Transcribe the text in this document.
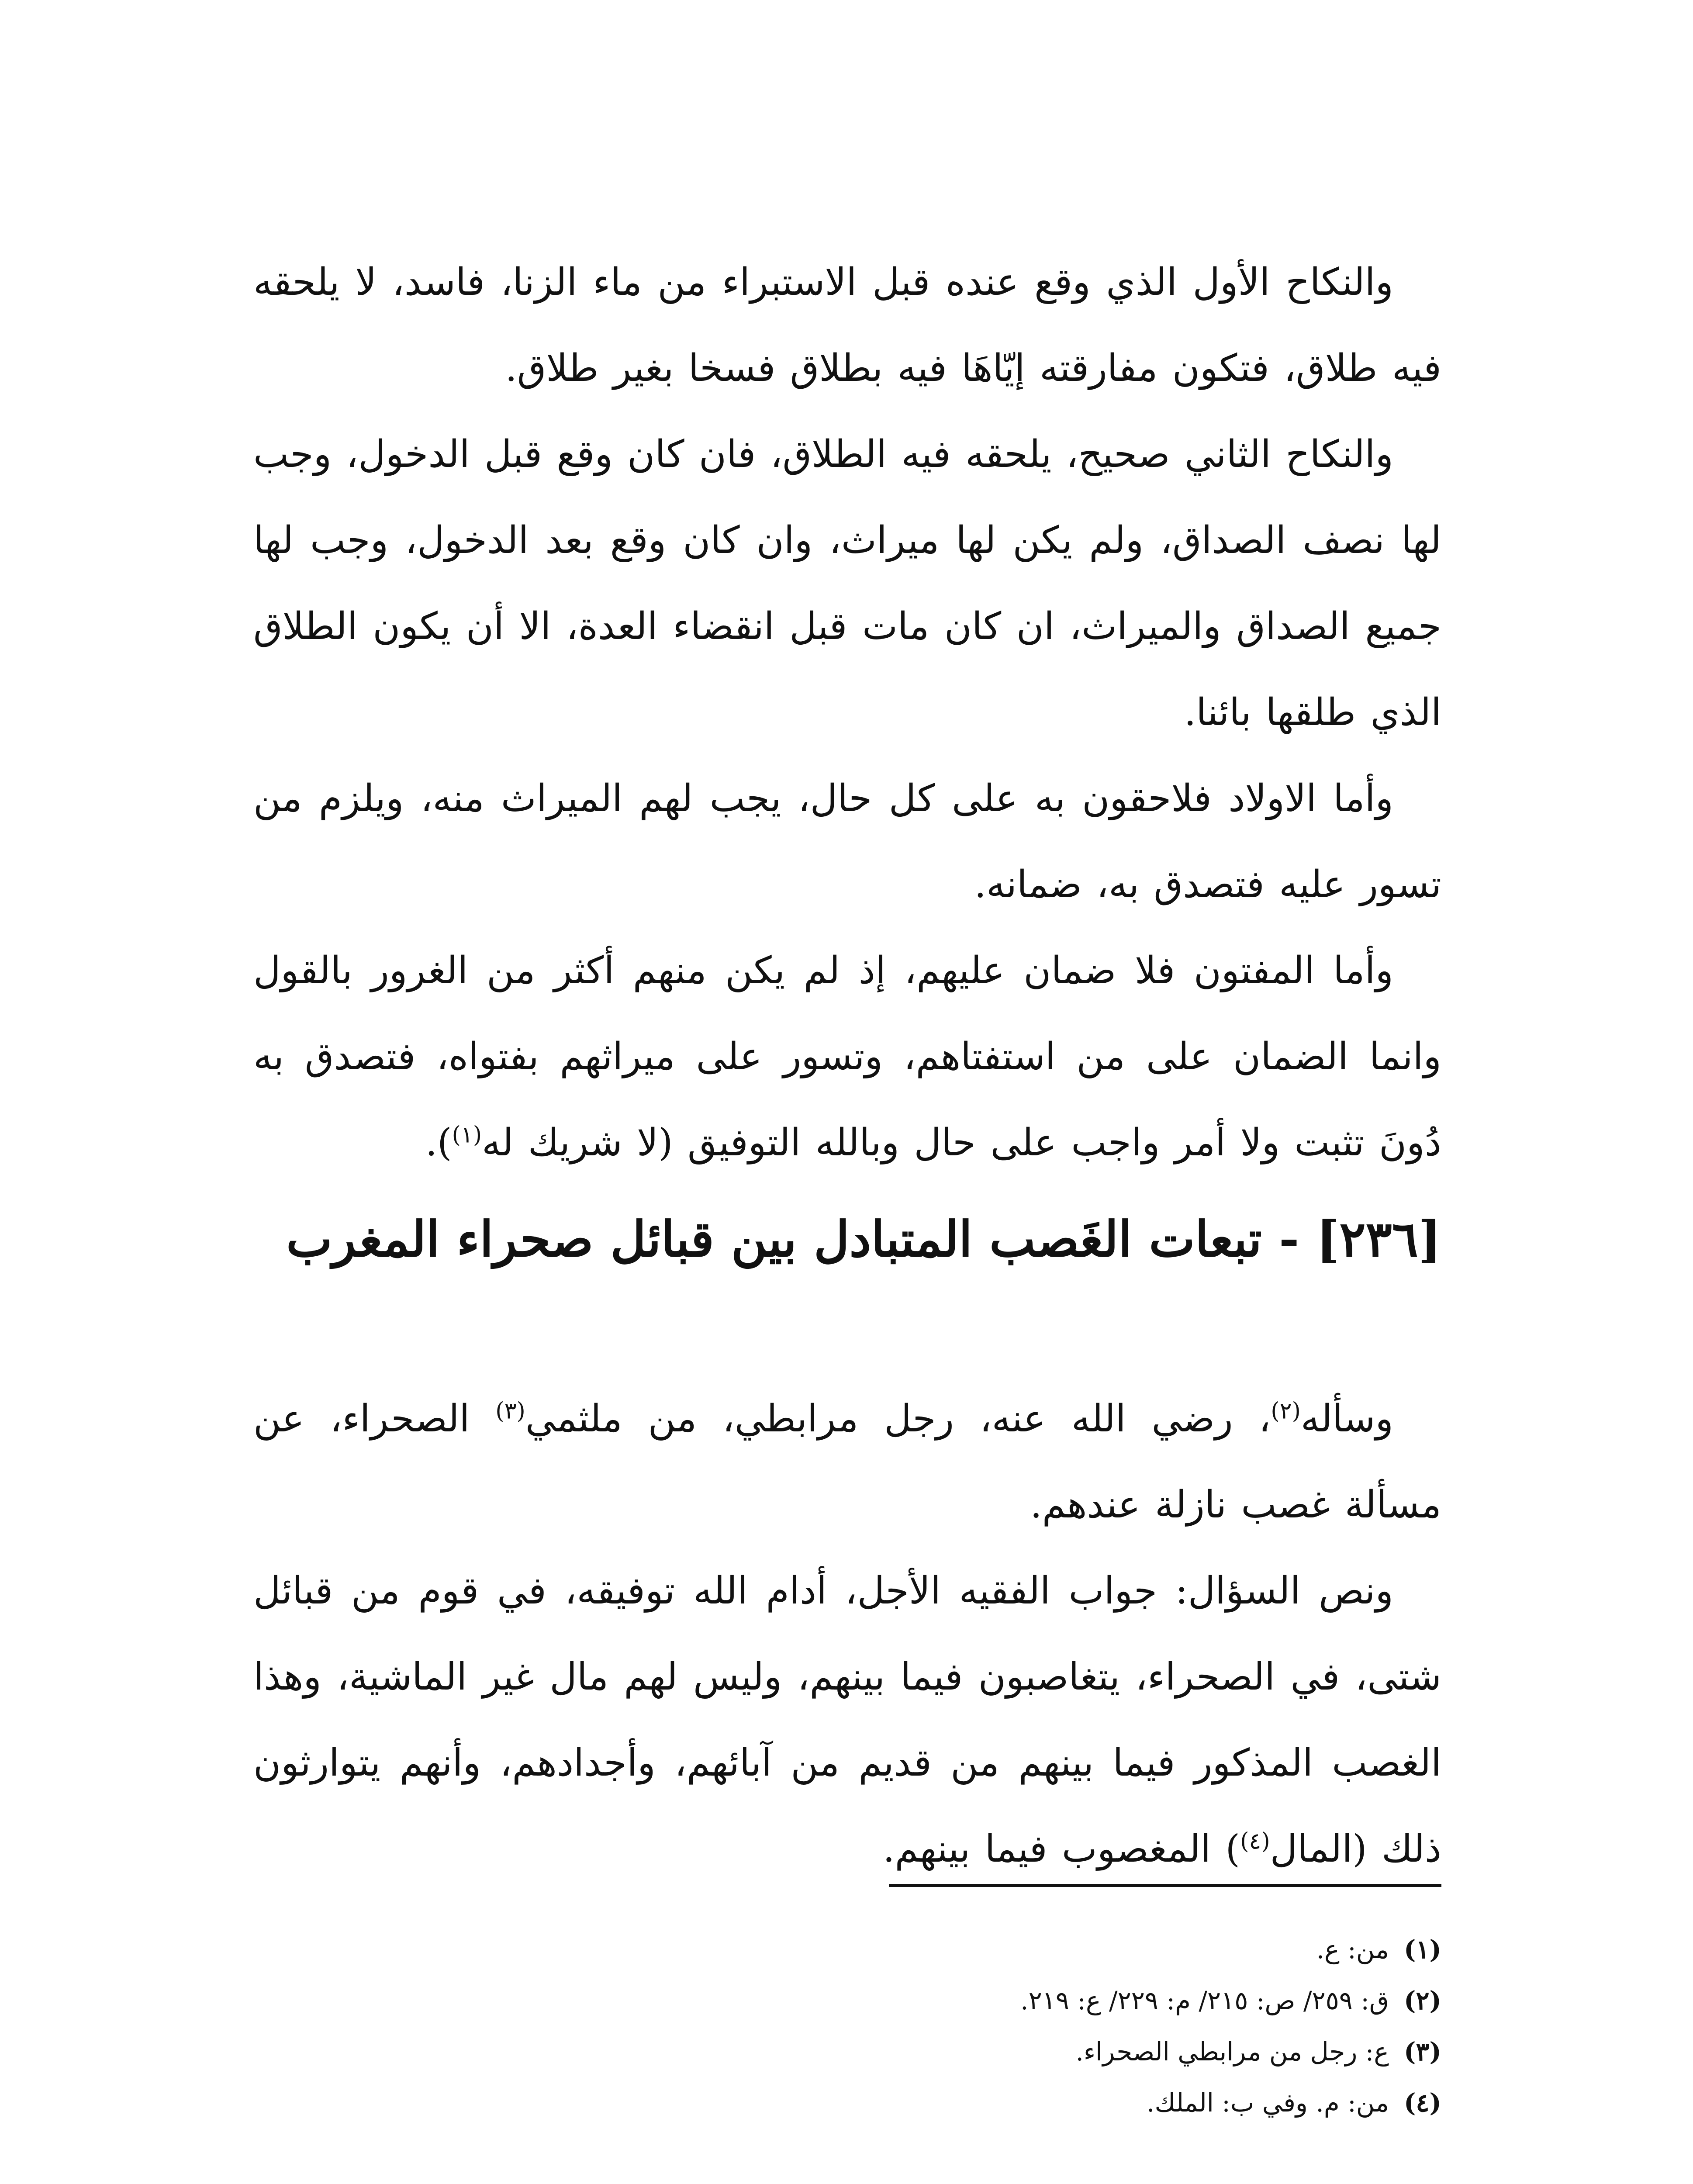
والنكاح الأول الذي وقع عنده قبل الاستبراء من ماء الزنا، فاسد، لا يلحقه فيه طلاق، فتكون مفارقته إيّاهَا فيه بطلاق فسخا بغير طلاق.

والنكاح الثاني صحيح، يلحقه فيه الطلاق، فان كان وقع قبل الدخول، وجب لها نصف الصداق، ولم يكن لها ميراث، وان كان وقع بعد الدخول، وجب لها جميع الصداق والميراث، ان كان مات قبل انقضاء العدة، الا أن يكون الطلاق الذي طلقها بائنا.

وأما الاولاد فلاحقون به على كل حال، يجب لهم الميراث منه، ويلزم من تسور عليه فتصدق به، ضمانه.

وأما المفتون فلا ضمان عليهم، إذ لم يكن منهم أكثر من الغرور بالقول وانما الضمان على من استفتاهم، وتسور على ميراثهم بفتواه، فتصدق به دُونَ تثبت ولا أمر واجب على حال وبالله التوفيق (لا شريك له$^{(١)}$).

[٢٣٦] - تبعات الغَصب المتبادل بين قبائل صحراء المغرب

وسأله$^{(٢)}$، رضي الله عنه، رجل مرابطي، من ملثمي$^{(٣)}$ الصحراء، عن مسألة غصب نازلة عندهم.

ونص السؤال: جواب الفقيه الأجل، أدام الله توفيقه، في قوم من قبائل شتى، في الصحراء، يتغاصبون فيما بينهم، وليس لهم مال غير الماشية، وهذا الغصب المذكور فيما بينهم من قديم من آبائهم، وأجدادهم، وأنهم يتوارثون ذلك (المال$^{(٤)}$) المغصوب فيما بينهم.

(١)من: ع.

(٢)ق: ٢٥٩/ ص: ٢١٥/ م: ٢٢٩/ ع: ٢١٩.

(٣)ع: رجل من مرابطي الصحراء.

(٤)من: م. وفي ب: الملك.
